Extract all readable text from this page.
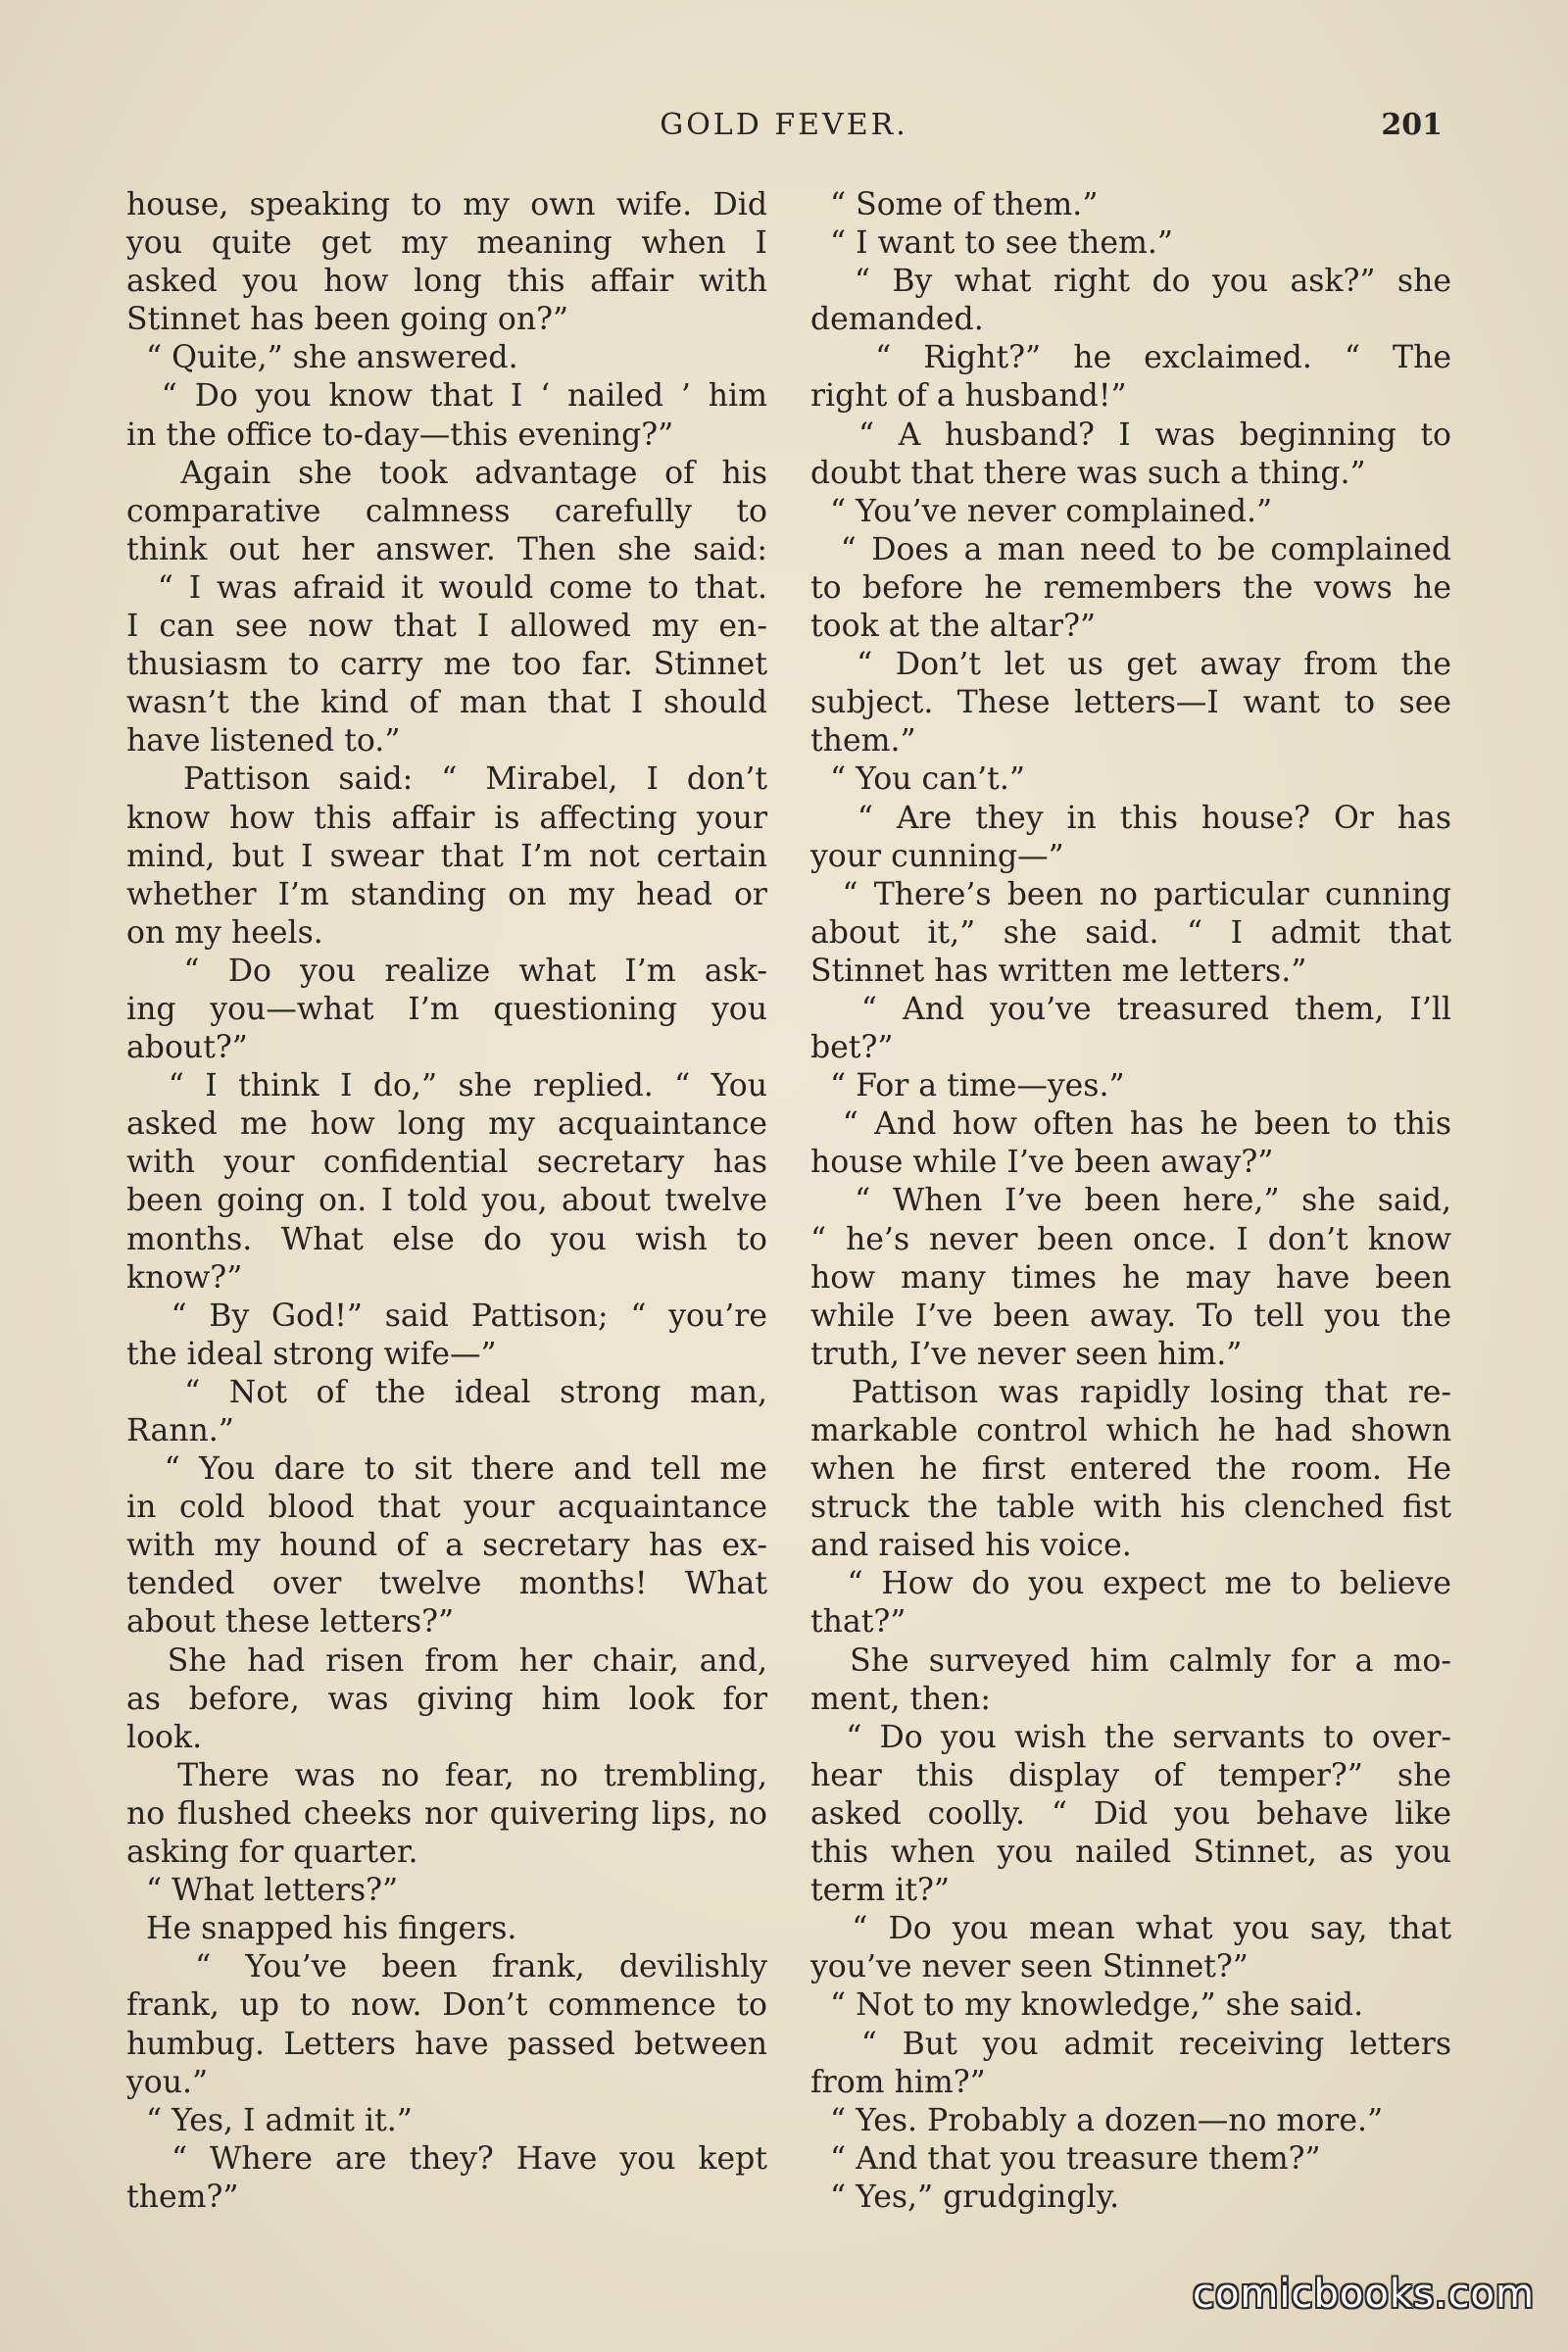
GOLD FEVER.	201
house, speaking to my own wife. Did
you quite get my meaning when I
asked you how long this affair with
Stinnet has been going on?”
“ Quite,” she answered.
“ Do you know that I ‘ nailed ’ him
in the office to-day—this evening?”
Again she took advantage of his
comparative calmness carefully to
think out her answer. Then she said:
“ I was afraid it would come to that.
I can see now that I allowed my en-
thusiasm to carry me too far. Stinnet
wasn’t the kind of man that I should
have listened to.”
Pattison said: “ Mirabel, I don’t
know how this affair is affecting your
mind, but I swear that I’m not certain
whether I’m standing on my head or
on my heels.
“ Do you realize what I’m ask-
ing you—what I’m questioning you
about?”
“ I think I do,” she replied. “ You
asked me how long my acquaintance
with your confidential secretary has
been going on. I told you, about twelve
months. What else do you wish to
know?”
“ By God!” said Pattison; “ you’re
the ideal strong wife—”
“ Not of the ideal strong man,
Rann.”
“ You dare to sit there and tell me
in cold blood that your acquaintance
with my hound of a secretary has ex-
tended over twelve months! What
about these letters?”
She had risen from her chair, and,
as before, was giving him look for
look.
There was no fear, no trembling,
no flushed cheeks nor quivering lips, no
asking for quarter.
“ What letters?”
He snapped his fingers.
“ You’ve been frank, devilishly
frank, up to now. Don’t commence to
humbug. Letters have passed between
you.”
“ Yes, I admit it.”
“ Where are they? Have you kept
them?”
“ Some of them.”
“ I want to see them.”
“ By what right do you ask?” she
demanded.
“ Right?” he exclaimed. “ The
right of a husband!”
“ A husband? I was beginning to
doubt that there was such a thing.”
“ You’ve never complained.”
“ Does a man need to be complained
to before he remembers the vows he
took at the altar?”
“ Don’t let us get away from the
subject. These letters—I want to see
them.”
“ You can’t.”
“ Are they in this house? Or has
your cunning—”
“ There’s been no particular cunning
about it,” she said. “ I admit that
Stinnet has written me letters.”
“ And you’ve treasured them, I’ll
bet?”
“ For a time—yes.”
“ And how often has he been to this
house while I’ve been away?”
“ When I’ve been here,” she said,
“ he’s never been once. I don’t know
how many times he may have been
while I’ve been away. To tell you the
truth, I’ve never seen him.”
Pattison was rapidly losing that re-
markable control which he had shown
when he first entered the room. He
struck the table with his clenched fist
and raised his voice.
“ How do you expect me to believe
that?”
She surveyed him calmly for a mo-
ment, then:
“ Do you wish the servants to over-
hear this display of temper?” she
asked coolly. “ Did you behave like
this when you nailed Stinnet, as you
term it?”
“ Do you mean what you say, that
you’ve never seen Stinnet?”
“ Not to my knowledge,” she said.
“ But you admit receiving letters
from him?”
“ Yes. Probably a dozen—no more.”
“ And that you treasure them?”
“ Yes,” grudgingly.
comicbooks.com
